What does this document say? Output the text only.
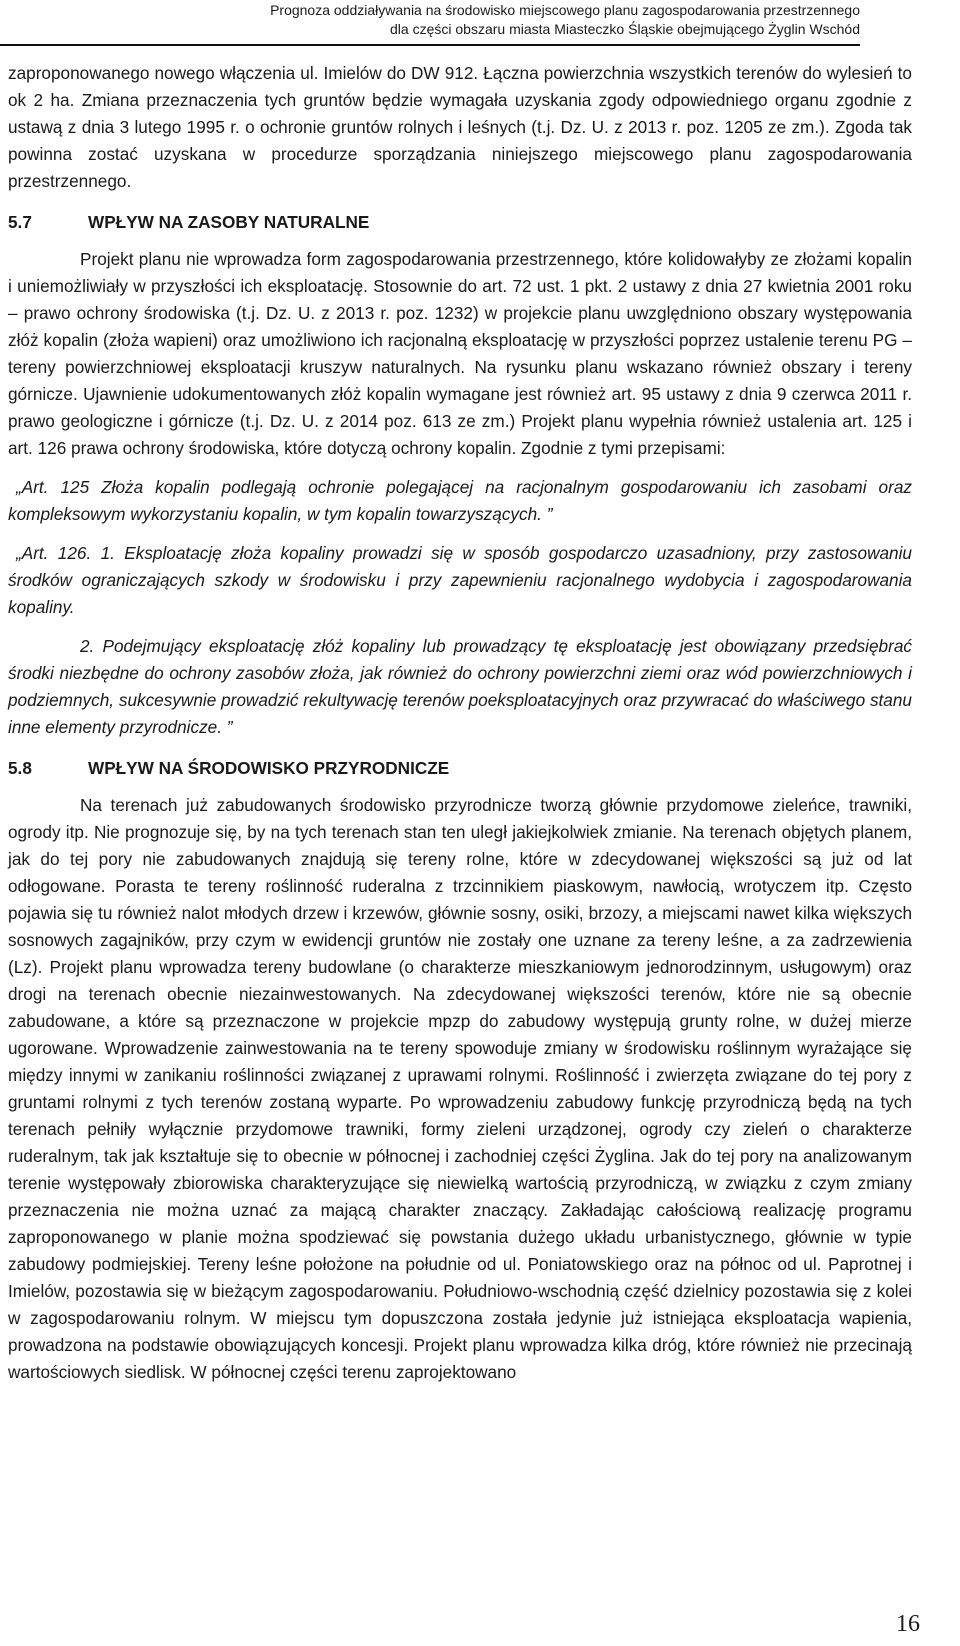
Prognoza oddziaływania na środowisko miejscowego planu zagospodarowania przestrzennego
dla części obszaru miasta Miasteczko Śląskie obejmującego Żyglin Wschód

zaproponowanego nowego włączenia ul. Imielów do DW 912. Łączna powierzchnia wszystkich terenów do wylesień to ok 2 ha. Zmiana przeznaczenia tych gruntów będzie wymagała uzyskania zgody odpowiedniego organu zgodnie z ustawą z dnia 3 lutego 1995 r. o ochronie gruntów rolnych i leśnych (t.j. Dz. U. z 2013 r. poz. 1205 ze zm.). Zgoda tak powinna zostać uzyskana w procedurze sporządzania niniejszego miejscowego planu zagospodarowania przestrzennego.

5.7	WPŁYW NA ZASOBY NATURALNE

Projekt planu nie wprowadza form zagospodarowania przestrzennego, które kolidowałyby ze złożami kopalin i uniemożliwiały w przyszłości ich eksploatację. Stosownie do art. 72 ust. 1 pkt. 2 ustawy z dnia 27 kwietnia 2001 roku – prawo ochrony środowiska (t.j. Dz. U. z 2013 r. poz. 1232) w projekcie planu uwzględniono obszary występowania złóż kopalin (złoża wapieni) oraz umożliwiono ich racjonalną eksploatację w przyszłości poprzez ustalenie terenu PG – tereny powierzchniowej eksploatacji kruszyw naturalnych. Na rysunku planu wskazano również obszary i tereny górnicze. Ujawnienie udokumentowanych złóż kopalin wymagane jest również art. 95 ustawy z dnia 9 czerwca 2011 r. prawo geologiczne i górnicze (t.j. Dz. U. z 2014 poz. 613 ze zm.) Projekt planu wypełnia również ustalenia art. 125 i art. 126 prawa ochrony środowiska, które dotyczą ochrony kopalin. Zgodnie z tymi przepisami:

„Art. 125 Złoża kopalin podlegają ochronie polegającej na racjonalnym gospodarowaniu ich zasobami oraz kompleksowym wykorzystaniu kopalin, w tym kopalin towarzyszących. ”

„Art. 126. 1. Eksploatację złoża kopaliny prowadzi się w sposób gospodarczo uzasadniony, przy zastosowaniu środków ograniczających szkody w środowisku i przy zapewnieniu racjonalnego wydobycia i zagospodarowania kopaliny.

2. Podejmujący eksploatację złóż kopaliny lub prowadzący tę eksploatację jest obowiązany przedsiębrać środki niezbędne do ochrony zasobów złoża, jak również do ochrony powierzchni ziemi oraz wód powierzchniowych i podziemnych, sukcesywnie prowadzić rekultywację terenów poeksploatacyjnych oraz przywracać do właściwego stanu inne elementy przyrodnicze. ”

5.8	WPŁYW NA ŚRODOWISKO PRZYRODNICZE

Na terenach już zabudowanych środowisko przyrodnicze tworzą głównie przydomowe zieleńce, trawniki, ogrody itp. Nie prognozuje się, by na tych terenach stan ten uległ jakiejkolwiek zmianie. Na terenach objętych planem, jak do tej pory nie zabudowanych znajdują się tereny rolne, które w zdecydowanej większości są już od lat odłogowane. Porasta te tereny roślinność ruderalna z trzcinnikiem piaskowym, nawłocią, wrotyczem itp. Często pojawia się tu również nalot młodych drzew i krzewów, głównie sosny, osiki, brzozy, a miejscami nawet kilka większych sosnowych zagajników, przy czym w ewidencji gruntów nie zostały one uznane za tereny leśne, a za zadrzewienia (Lz). Projekt planu wprowadza tereny budowlane (o charakterze mieszkaniowym jednorodzinnym, usługowym) oraz drogi na terenach obecnie niezainwestowanych. Na zdecydowanej większości terenów, które nie są obecnie zabudowane, a które są przeznaczone w projekcie mpzp do zabudowy występują grunty rolne, w dużej mierze ugorowane. Wprowadzenie zainwestowania na te tereny spowoduje zmiany w środowisku roślinnym wyrażające się między innymi w zanikaniu roślinności związanej z uprawami rolnymi. Roślinność i zwierzęta związane do tej pory z gruntami rolnymi z tych terenów zostaną wyparte. Po wprowadzeniu zabudowy funkcję przyrodniczą będą na tych terenach pełniły wyłącznie przydomowe trawniki, formy zieleni urządzonej, ogrody czy zieleń o charakterze ruderalnym, tak jak kształtuje się to obecnie w północnej i zachodniej części Żyglina. Jak do tej pory na analizowanym terenie występowały zbiorowiska charakteryzujące się niewielką wartością przyrodniczą, w związku z czym zmiany przeznaczenia nie można uznać za mającą charakter znaczący. Zakładając całościową realizację programu zaproponowanego w planie można spodziewać się powstania dużego układu urbanistycznego, głównie w typie zabudowy podmiejskiej. Tereny leśne położone na południe od ul. Poniatowskiego oraz na północ od ul. Paprotnej i Imielów, pozostawia się w bieżącym zagospodarowaniu. Południowo-wschodnią część dzielnicy pozostawia się z kolei w zagospodarowaniu rolnym. W miejscu tym dopuszczona została jedynie już istniejąca eksploatacja wapienia, prowadzona na podstawie obowiązujących koncesji. Projekt planu wprowadza kilka dróg, które również nie przecinają wartościowych siedlisk. W północnej części terenu zaprojektowano

16
